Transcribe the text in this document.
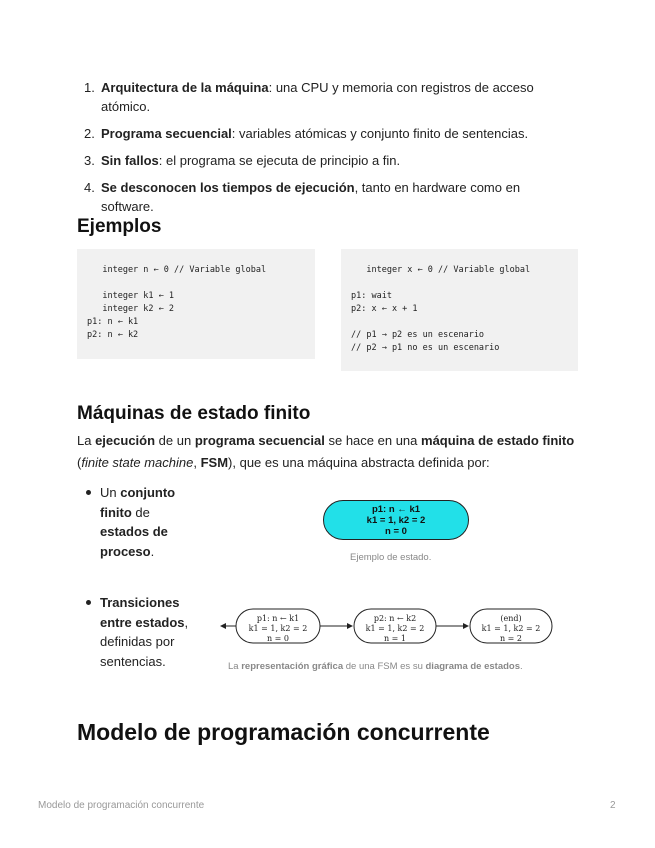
1. Arquitectura de la máquina: una CPU y memoria con registros de acceso atómico.
2. Programa secuencial: variables atómicas y conjunto finito de sentencias.
3. Sin fallos: el programa se ejecuta de principio a fin.
4. Se desconocen los tiempos de ejecución, tanto en hardware como en software.
Ejemplos
integer n ← 0 // Variable global

integer k1 ← 1
integer k2 ← 2
p1: n ← k1
p2: n ← k2
integer x ← 0 // Variable global

p1: wait
p2: x ← x + 1

// p1 → p2 es un escenario
// p2 → p1 no es un escenario
Máquinas de estado finito
La ejecución de un programa secuencial se hace en una máquina de estado finito
(finite state machine, FSM), que es una máquina abstracta definida por:
Un conjunto finito de estados de proceso.
p1: n ← k1
k1 = 1, k2 = 2
n = 0
Ejemplo de estado.
Transiciones entre estados, definidas por sentencias.
p1: n ← k1
k1 = 1, k2 = 2
n = 0
p2: n ← k2
k1 = 1, k2 = 2
n = 1
(end)
k1 = 1, k2 = 2
n = 2
La representación gráfica de una FSM es su diagrama de estados.
Modelo de programación concurrente
Modelo de programación concurrente	2
